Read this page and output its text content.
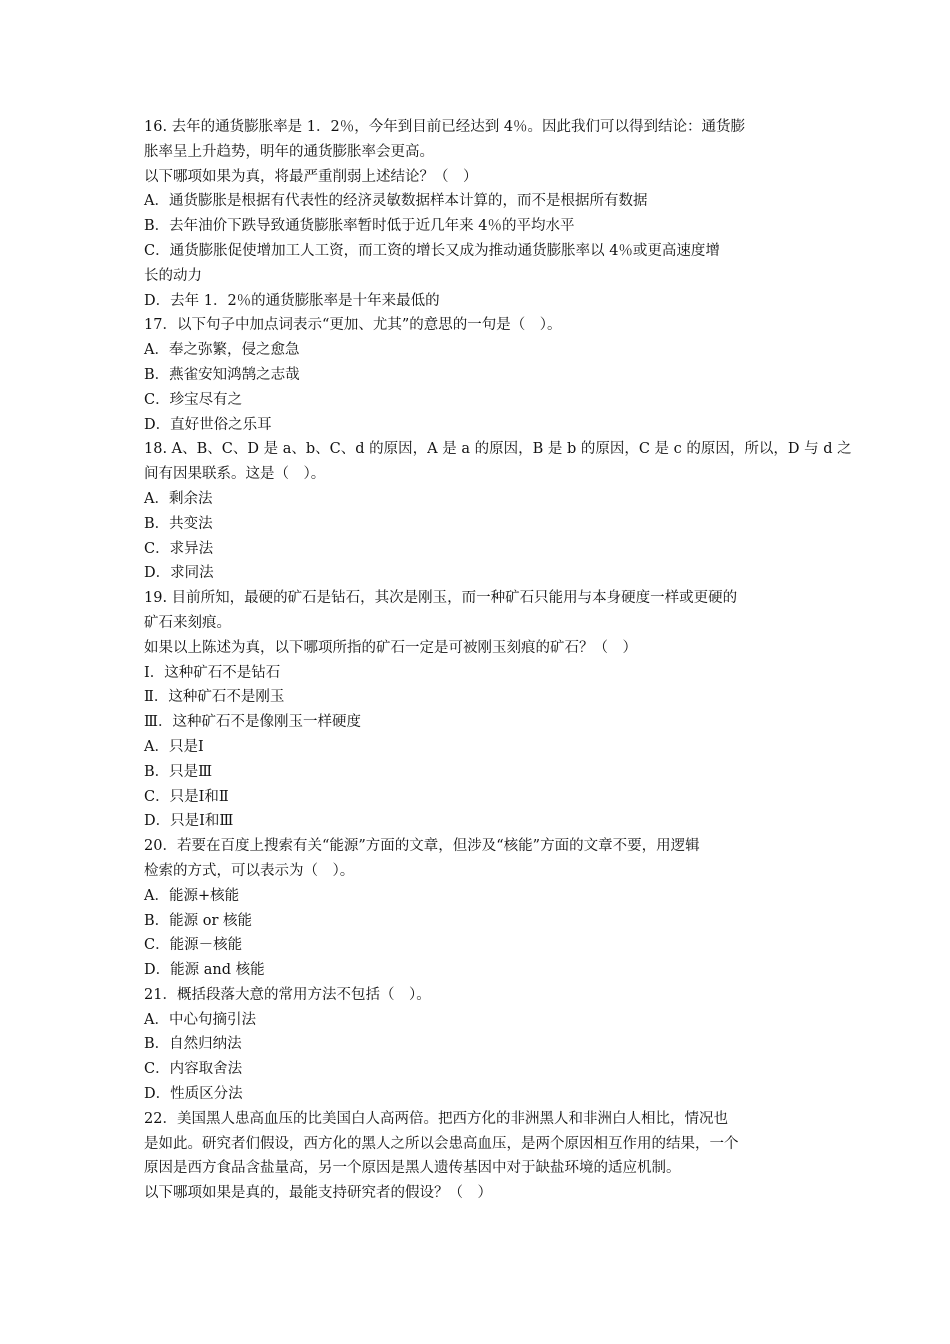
16. 去年的通货膨胀率是 1．2％，今年到目前已经达到 4％。因此我们可以得到结论：通货膨
胀率呈上升趋势，明年的通货膨胀率会更高。
以下哪项如果为真，将最严重削弱上述结论？（　）
A．通货膨胀是根据有代表性的经济灵敏数据样本计算的，而不是根据所有数据
B．去年油价下跌导致通货膨胀率暂时低于近几年来 4％的平均水平
C．通货膨胀促使增加工人工资，而工资的增长又成为推动通货膨胀率以 4％或更高速度增
长的动力
D．去年 1．2％的通货膨胀率是十年来最低的
17．以下句子中加点词表示“更加、尤其”的意思的一句是（　）。
A．奉之弥繁，侵之愈急
B．燕雀安知鸿鹄之志哉
C．珍宝尽有之
D．直好世俗之乐耳
18. A、B、C、D 是 a、b、C、d 的原因，A 是 a 的原因，B 是 b 的原因，C 是 c 的原因，所以，D 与 d 之
间有因果联系。这是（　）。
A．剩余法
B．共变法
C．求异法
D．求同法
19. 目前所知，最硬的矿石是钻石，其次是刚玉，而一种矿石只能用与本身硬度一样或更硬的
矿石来刻痕。
如果以上陈述为真，以下哪项所指的矿石一定是可被刚玉刻痕的矿石？（　）
Ⅰ．这种矿石不是钻石
Ⅱ．这种矿石不是刚玉
Ⅲ．这种矿石不是像刚玉一样硬度
A．只是Ⅰ
B．只是Ⅲ
C．只是Ⅰ和Ⅱ
D．只是Ⅰ和Ⅲ
20．若要在百度上搜索有关“能源”方面的文章，但涉及“核能”方面的文章不要，用逻辑
检索的方式，可以表示为（　）。
A．能源+核能
B．能源 or 核能
C．能源－核能
D．能源 and 核能
21．概括段落大意的常用方法不包括（　）。
A．中心句摘引法
B．自然归纳法
C．内容取舍法
D．性质区分法
22．美国黑人患高血压的比美国白人高两倍。把西方化的非洲黑人和非洲白人相比，情况也
是如此。研究者们假设，西方化的黑人之所以会患高血压，是两个原因相互作用的结果，一个
原因是西方食品含盐量高，另一个原因是黑人遗传基因中对于缺盐环境的适应机制。
以下哪项如果是真的，最能支持研究者的假设？（　）
